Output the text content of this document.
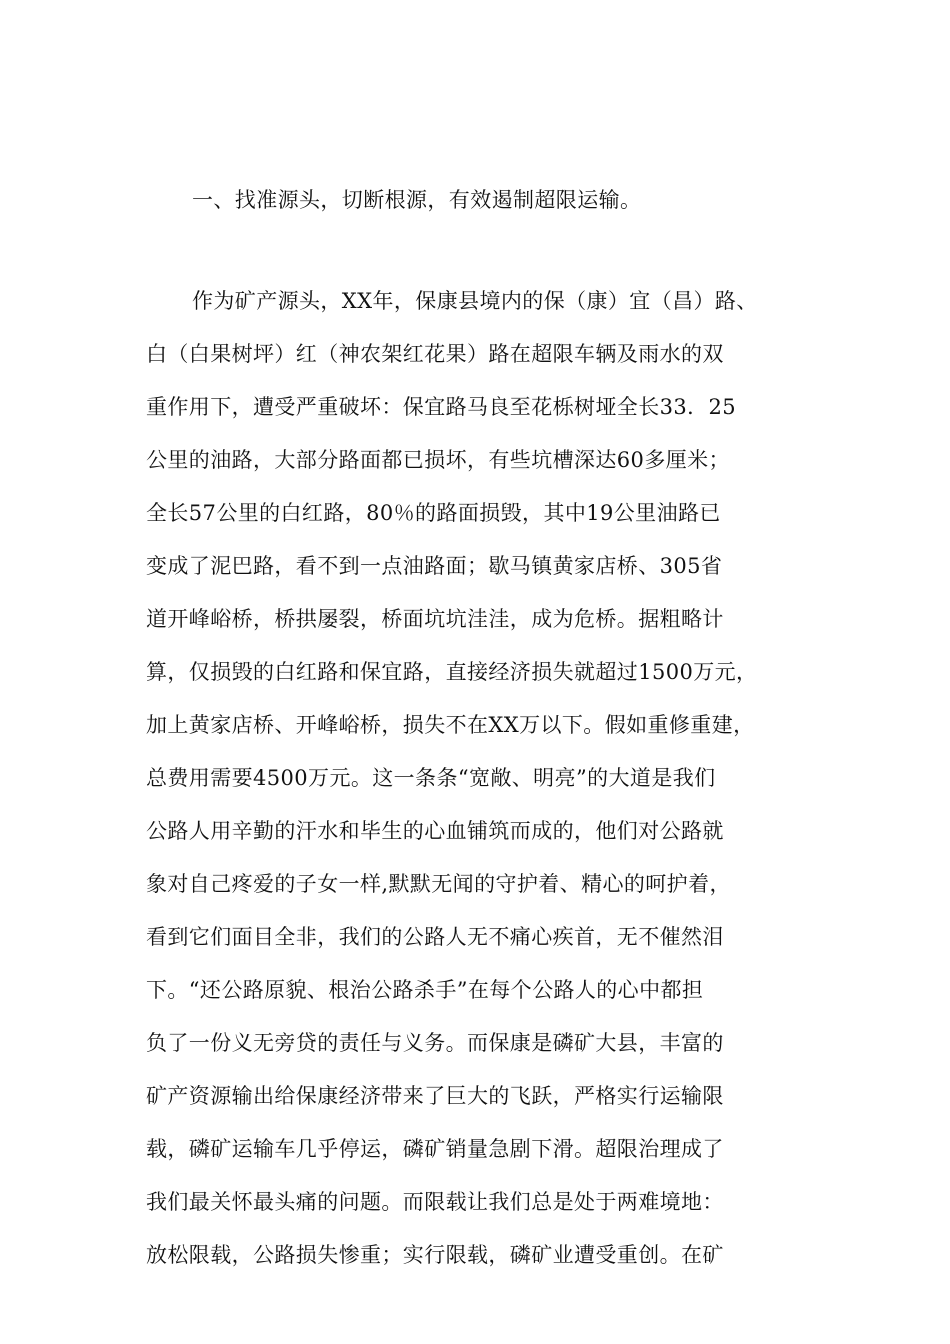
一、找准源头，切断根源，有效遏制超限运输。
作为矿产源头，XX年，保康县境内的保（康）宜（昌）路、
白（白果树坪）红（神农架红花果）路在超限车辆及雨水的双
重作用下，遭受严重破坏：保宜路马良至花栎树垭全长33．25
公里的油路，大部分路面都已损坏，有些坑槽深达60多厘米；
全长57公里的白红路，80％的路面损毁，其中19公里油路已
变成了泥巴路，看不到一点油路面；歇马镇黄家店桥、305省
道开峰峪桥，桥拱屡裂，桥面坑坑洼洼，成为危桥。据粗略计
算，仅损毁的白红路和保宜路，直接经济损失就超过1500万元，
加上黄家店桥、开峰峪桥，损失不在XX万以下。假如重修重建，
总费用需要4500万元。这一条条“宽敞、明亮”的大道是我们
公路人用辛勤的汗水和毕生的心血铺筑而成的，他们对公路就
象对自己疼爱的子女一样,默默无闻的守护着、精心的呵护着，
看到它们面目全非，我们的公路人无不痛心疾首，无不催然泪
下。“还公路原貌、根治公路杀手”在每个公路人的心中都担
负了一份义无旁贷的责任与义务。而保康是磷矿大县，丰富的
矿产资源输出给保康经济带来了巨大的飞跃，严格实行运输限
载，磷矿运输车几乎停运，磷矿销量急剧下滑。超限治理成了
我们最关怀最头痛的问题。而限载让我们总是处于两难境地：
放松限载，公路损失惨重；实行限载，磷矿业遭受重创。在矿
